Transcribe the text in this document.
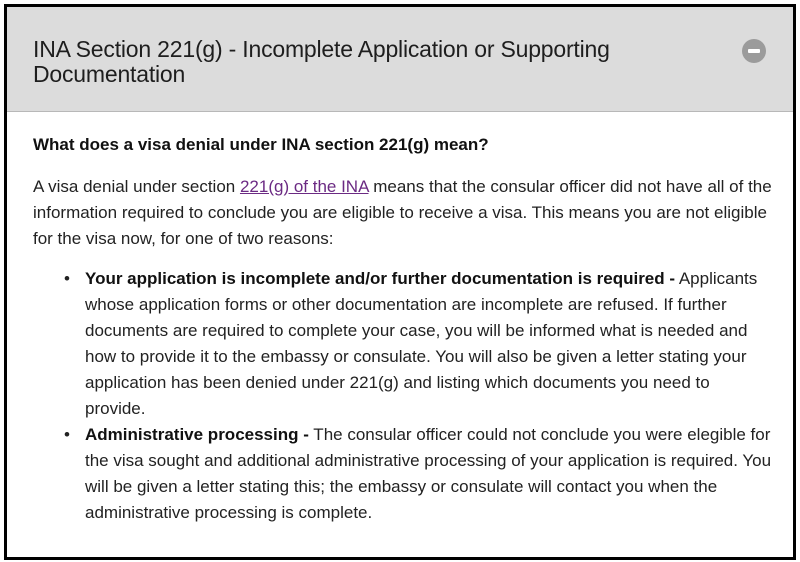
INA Section 221(g) - Incomplete Application or Supporting Documentation

What does a visa denial under INA section 221(g) mean?

A visa denial under section 221(g) of the INA means that the consular officer did not have all of the information required to conclude you are eligible to receive a visa. This means you are not eligible for the visa now, for one of two reasons:

• Your application is incomplete and/or further documentation is required - Applicants whose application forms or other documentation are incomplete are refused. If further documents are required to complete your case, you will be informed what is needed and how to provide it to the embassy or consulate. You will also be given a letter stating your application has been denied under 221(g) and listing which documents you need to provide.
• Administrative processing - The consular officer could not conclude you were elegible for the visa sought and additional administrative processing of your application is required. You will be given a letter stating this; the embassy or consulate will contact you when the administrative processing is complete.
